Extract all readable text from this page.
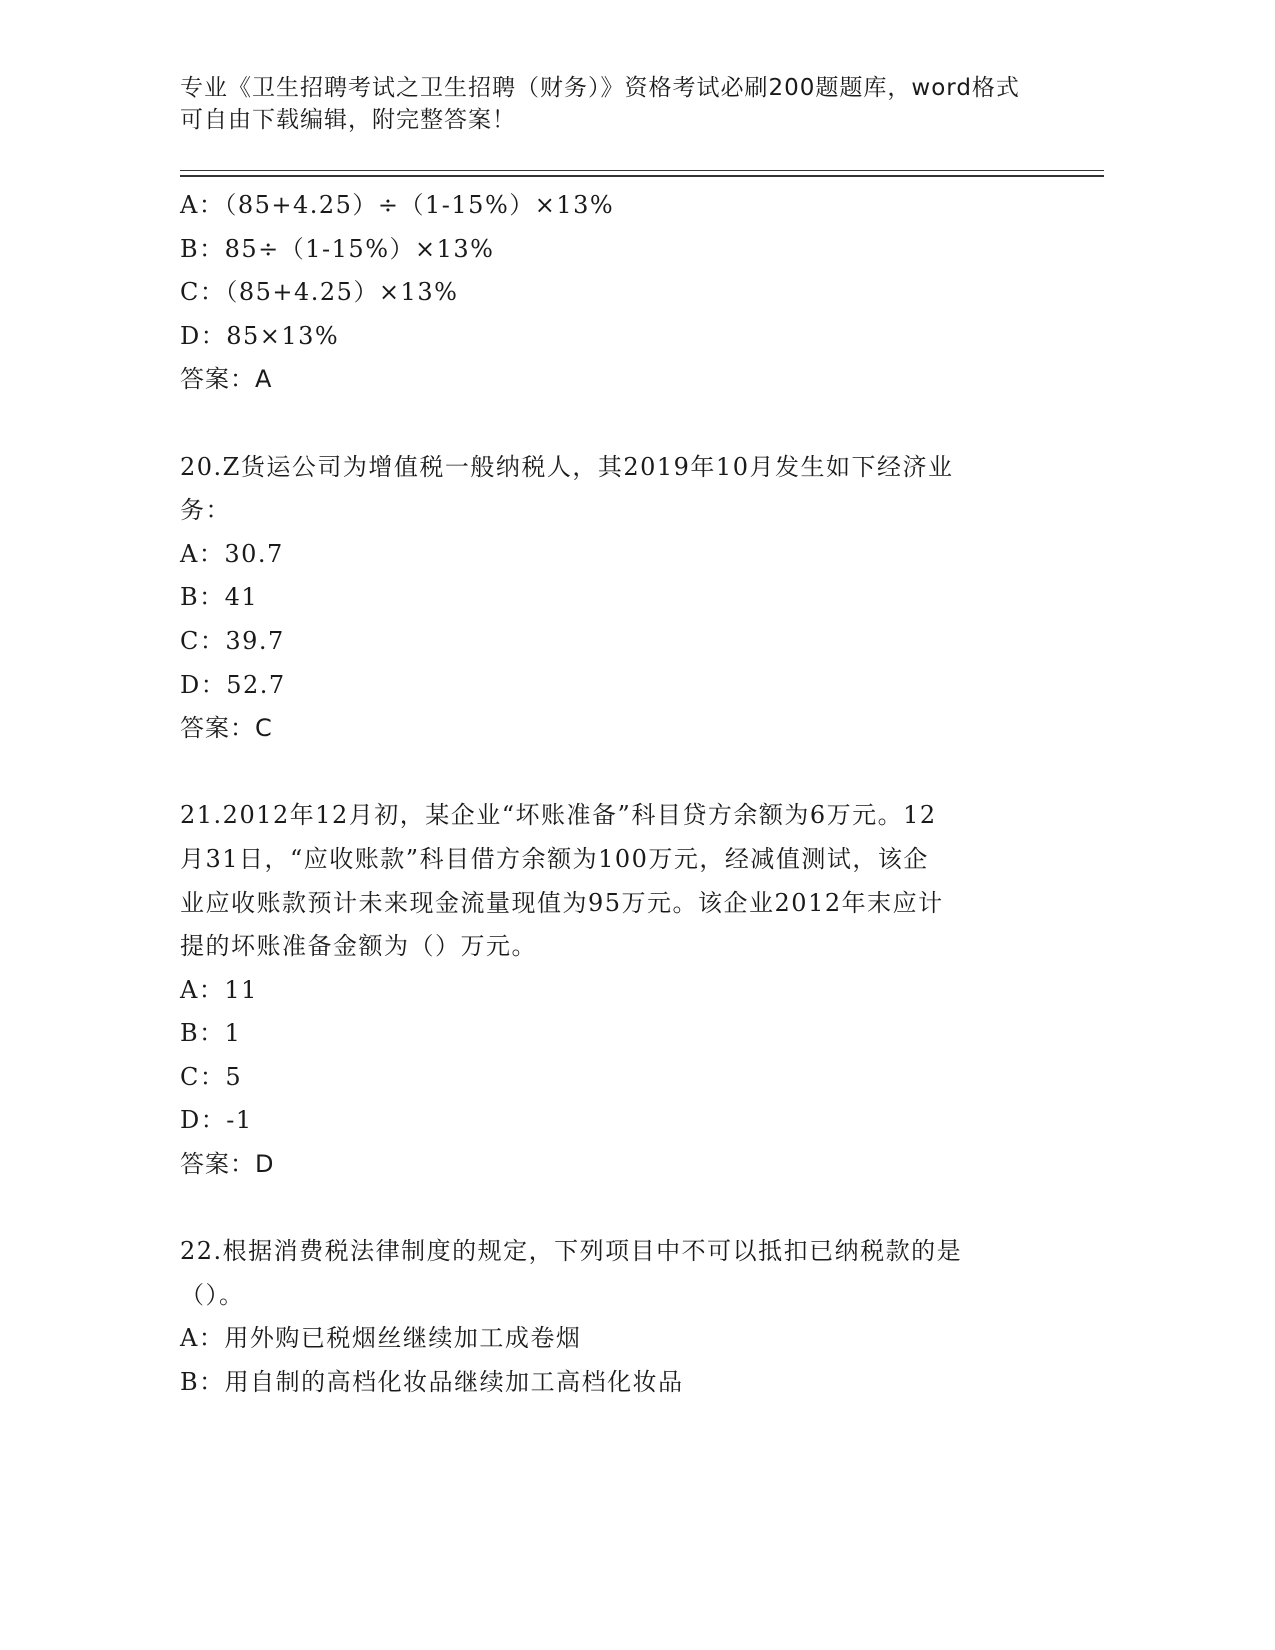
专业《卫生招聘考试之卫生招聘（财务）》资格考试必刷200题题库，word格式
可自由下载编辑，附完整答案！
A：（85+4.25）÷（1-15%）×13%
B：85÷（1-15%）×13%
C：（85+4.25）×13%
D：85×13%
答案：A
20.Z货运公司为增值税一般纳税人，其2019年10月发生如下经济业
务：
A：30.7
B：41
C：39.7
D：52.7
答案：C
21.2012年12月初，某企业“坏账准备”科目贷方余额为6万元。12
月31日，“应收账款”科目借方余额为100万元，经减值测试，该企
业应收账款预计未来现金流量现值为95万元。该企业2012年末应计
提的坏账准备金额为（）万元。
A：11
B：1
C：5
D：-1
答案：D
22.根据消费税法律制度的规定，下列项目中不可以抵扣已纳税款的是
（）。
A：用外购已税烟丝继续加工成卷烟
B：用自制的高档化妆品继续加工高档化妆品
